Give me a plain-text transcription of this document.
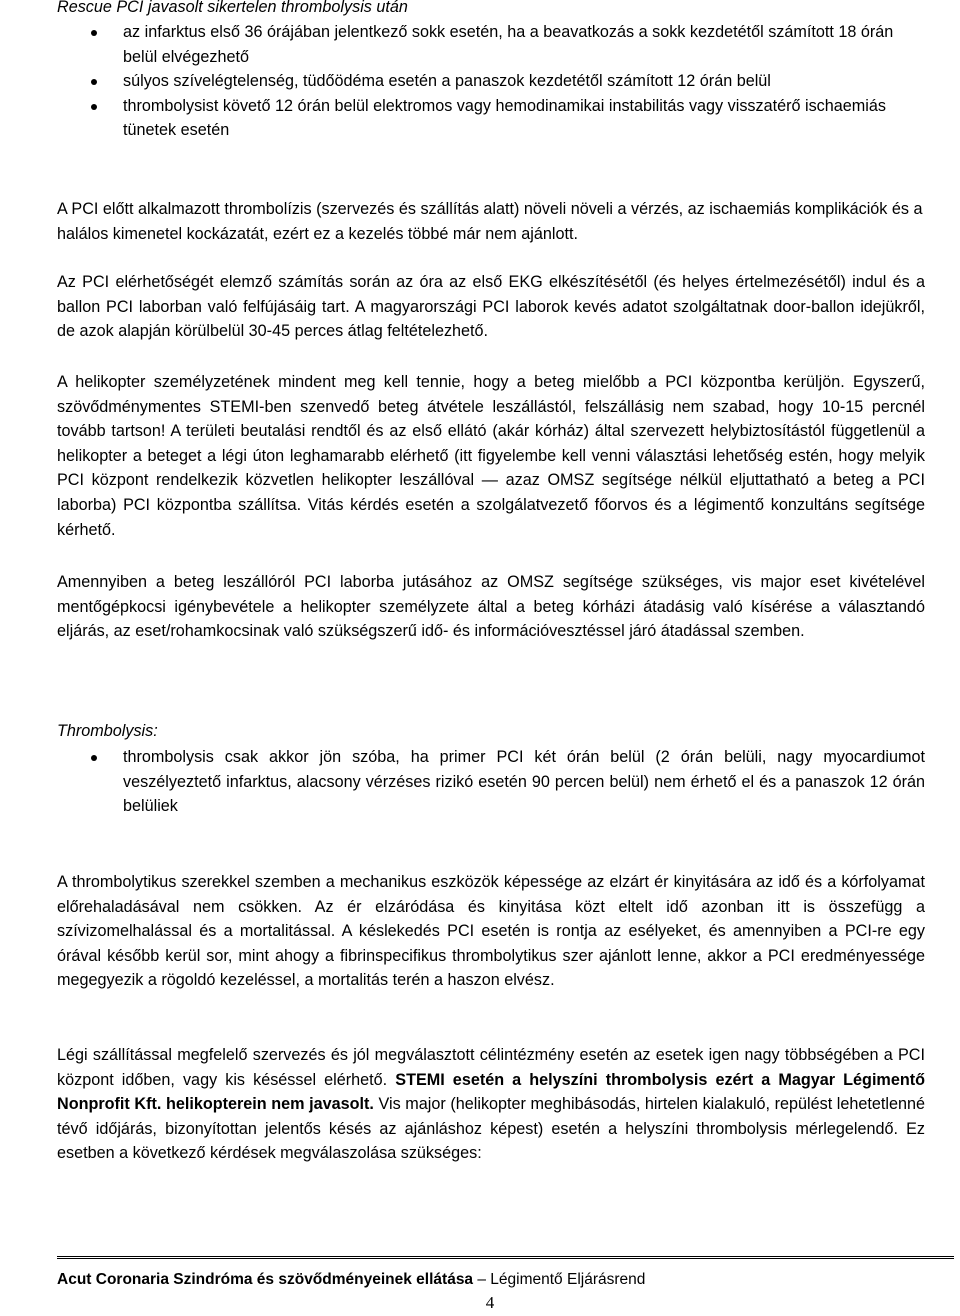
Rescue PCI javasolt sikertelen thrombolysis után
az infarktus első 36 órájában jelentkező sokk esetén, ha a beavatkozás a sokk kezdetétől számított 18 órán belül elvégezhető
súlyos szívelégtelenség, tüdőödéma esetén a panaszok kezdetétől számított 12 órán belül
thrombolysist követő 12 órán belül elektromos vagy hemodinamikai instabilitás vagy visszatérő ischaemiás tünetek esetén
A PCI előtt alkalmazott thrombolízis (szervezés és szállítás alatt) növeli növeli a vérzés, az ischaemiás komplikációk és a halálos kimenetel kockázatát, ezért ez a kezelés többé már nem ajánlott.
Az PCI elérhetőségét elemző számítás során az óra az első EKG elkészítésétől (és helyes értelmezésétől) indul és a ballon PCI laborban való felfújásáig tart. A magyarországi PCI laborok kevés adatot szolgáltatnak door-ballon idejükről, de azok alapján körülbelül 30-45 perces átlag feltételezhető.
A helikopter személyzetének mindent meg kell tennie, hogy a beteg mielőbb a PCI központba kerüljön. Egyszerű, szövődménymentes STEMI-ben szenvedő beteg átvétele leszállástól, felszállásig nem szabad, hogy 10-15 percnél tovább tartson! A területi beutalási rendtől és az első ellátó (akár kórház) által szervezett helybiztosítástól függetlenül a helikopter a beteget a légi úton leghamarabb elérhető (itt figyelembe kell venni választási lehetőség estén, hogy melyik PCI központ rendelkezik közvetlen helikopter leszállóval — azaz OMSZ segítsége nélkül eljuttatható a beteg a PCI laborba) PCI központba szállítsa. Vitás kérdés esetén a szolgálatvezető főorvos és a légimentő konzultáns segítsége kérhető.
Amennyiben a beteg leszállóról PCI laborba jutásához az OMSZ segítsége szükséges, vis major eset kivételével mentőgépkocsi igénybevétele a helikopter személyzete által a beteg kórházi átadásig való kísérése a választandó eljárás, az eset/rohamkocsinak való szükségszerű idő- és információvesztéssel járó átadással szemben.
Thrombolysis:
thrombolysis csak akkor jön szóba, ha primer PCI két órán belül (2 órán belüli, nagy myocardiumot veszélyeztető infarktus, alacsony vérzéses rizikó esetén 90 percen belül) nem érhető el és a panaszok 12 órán belüliek
A thrombolytikus szerekkel szemben a mechanikus eszközök képessége az elzárt ér kinyitására az idő és a kórfolyamat előrehaladásával nem csökken. Az ér elzáródása és kinyitása közt eltelt idő azonban itt is összefügg a szívizomelhalással és a mortalitással. A késlekedés PCI esetén is rontja az esélyeket, és amennyiben a PCI-re egy órával később kerül sor, mint ahogy a fibrinspecifikus thrombolytikus szer ajánlott lenne, akkor a PCI eredményessége megegyezik a rögoldó kezeléssel, a mortalitás terén a haszon elvész.
Légi szállítással megfelelő szervezés és jól megválasztott célintézmény esetén az esetek igen nagy többségében a PCI központ időben, vagy kis késéssel elérhető. STEMI esetén a helyszíni thrombolysis ezért a Magyar Légimentő Nonprofit Kft. helikopterein nem javasolt. Vis major (helikopter meghibásodás, hirtelen kialakuló, repülést lehetetlenné tévő időjárás, bizonyítottan jelentős késés az ajánláshoz képest) esetén a helyszíni thrombolysis mérlegelendő. Ez esetben a következő kérdések megválaszolása szükséges:
Acut Coronaria Szindróma és szövődményeinek ellátása – Légimentő Eljárásrend
4
